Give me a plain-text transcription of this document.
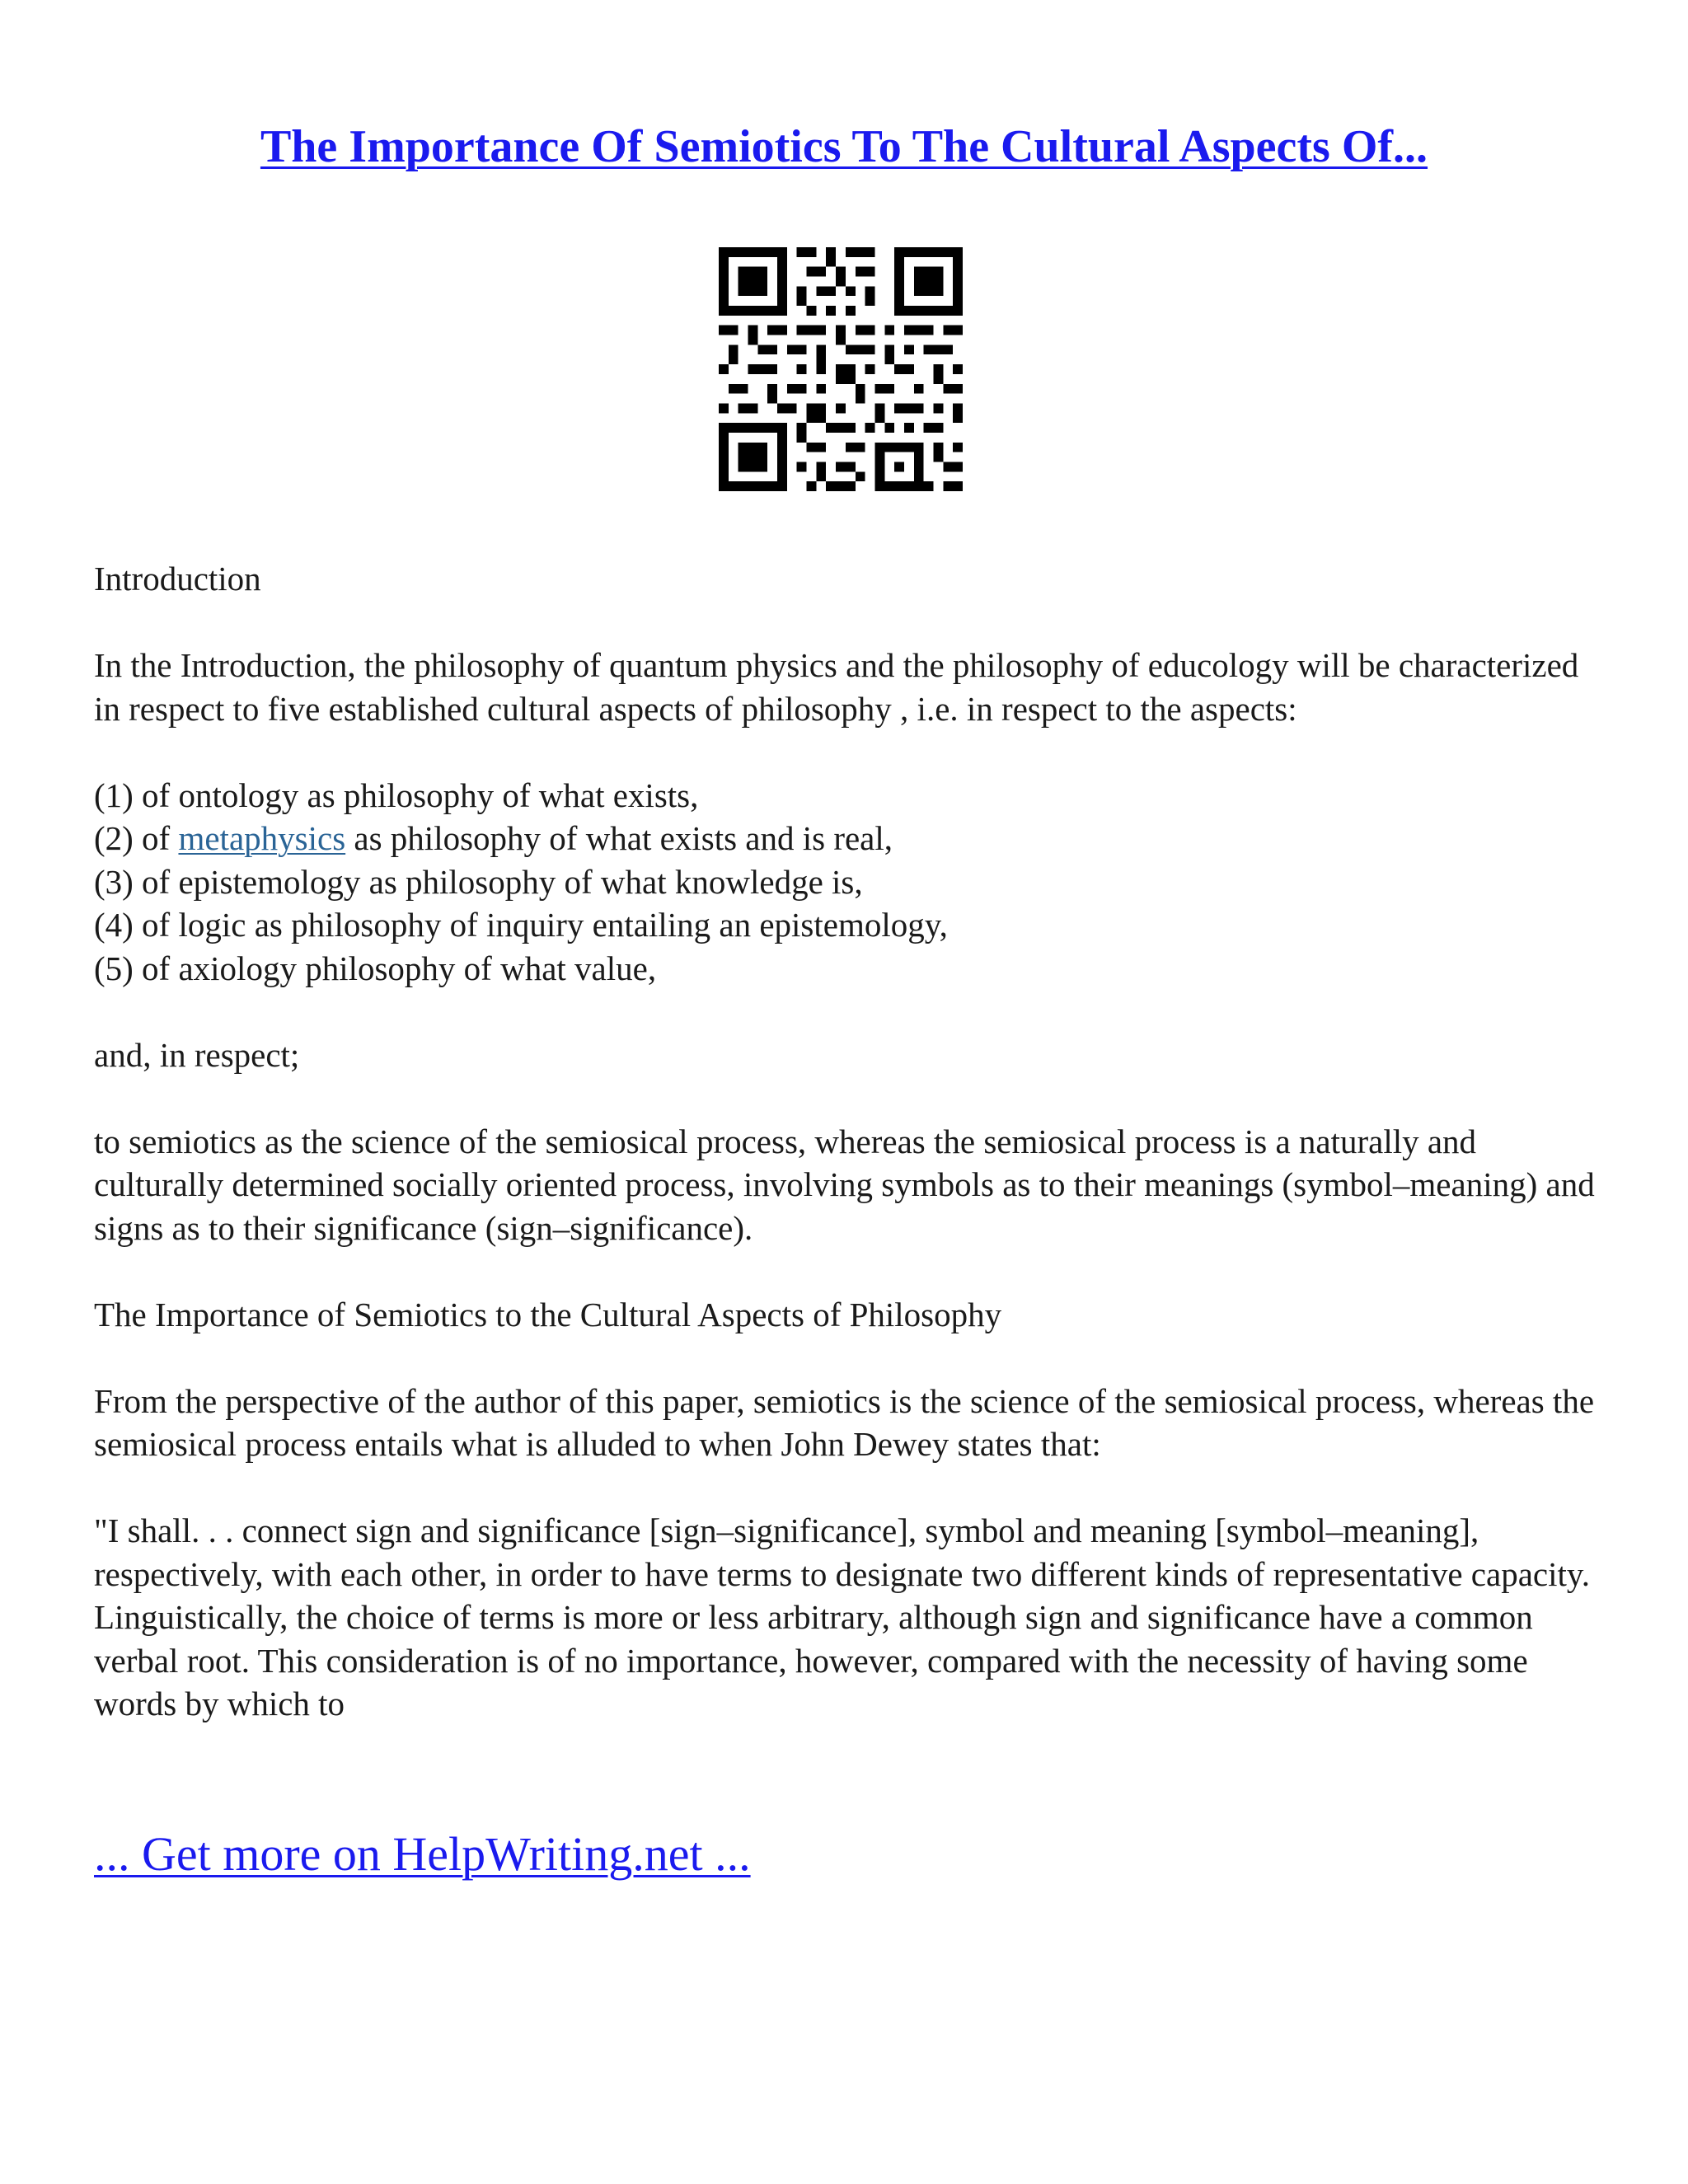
The Importance Of Semiotics To The Cultural Aspects Of...

Introduction

In the Introduction, the philosophy of quantum physics and the philosophy of educology will be characterized in respect to five established cultural aspects of philosophy , i.e. in respect to the aspects:

(1) of ontology as philosophy of what exists,
(2) of metaphysics as philosophy of what exists and is real,
(3) of epistemology as philosophy of what knowledge is,
(4) of logic as philosophy of inquiry entailing an epistemology,
(5) of axiology philosophy of what value,

and, in respect;

to semiotics as the science of the semiosical process, whereas the semiosical process is a naturally and culturally determined socially oriented process, involving symbols as to their meanings (symbol–meaning) and signs as to their significance (sign–significance).

The Importance of Semiotics to the Cultural Aspects of Philosophy

From the perspective of the author of this paper, semiotics is the science of the semiosical process, whereas the semiosical process entails what is alluded to when John Dewey states that:

"I shall. . . connect sign and significance [sign–significance], symbol and meaning [symbol–meaning], respectively, with each other, in order to have terms to designate two different kinds of representative capacity. Linguistically, the choice of terms is more or less arbitrary, although sign and significance have a common verbal root. This consideration is of no importance, however, compared with the necessity of having some words by which to

... Get more on HelpWriting.net ...
